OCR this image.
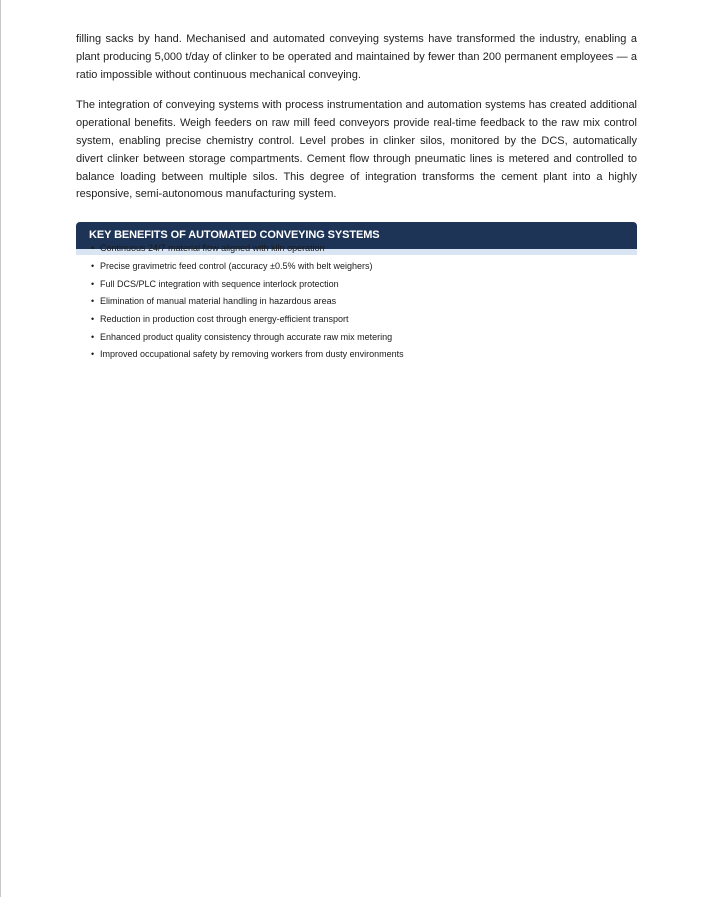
filling sacks by hand. Mechanised and automated conveying systems have transformed the industry, enabling a plant producing 5,000 t/day of clinker to be operated and maintained by fewer than 200 permanent employees — a ratio impossible without continuous mechanical conveying.

The integration of conveying systems with process instrumentation and automation systems has created additional operational benefits. Weigh feeders on raw mill feed conveyors provide real-time feedback to the raw mix control system, enabling precise chemistry control. Level probes in clinker silos, monitored by the DCS, automatically divert clinker between storage compartments. Cement flow through pneumatic lines is metered and controlled to balance loading between multiple silos. This degree of integration transforms the cement plant into a highly responsive, semi-autonomous manufacturing system.

KEY BENEFITS OF AUTOMATED CONVEYING SYSTEMS
• Continuous 24/7 material flow aligned with kiln operation
• Precise gravimetric feed control (accuracy ±0.5% with belt weighers)
• Full DCS/PLC integration with sequence interlock protection
• Elimination of manual material handling in hazardous areas
• Reduction in production cost through energy-efficient transport
• Enhanced product quality consistency through accurate raw mix metering
• Improved occupational safety by removing workers from dusty environments
